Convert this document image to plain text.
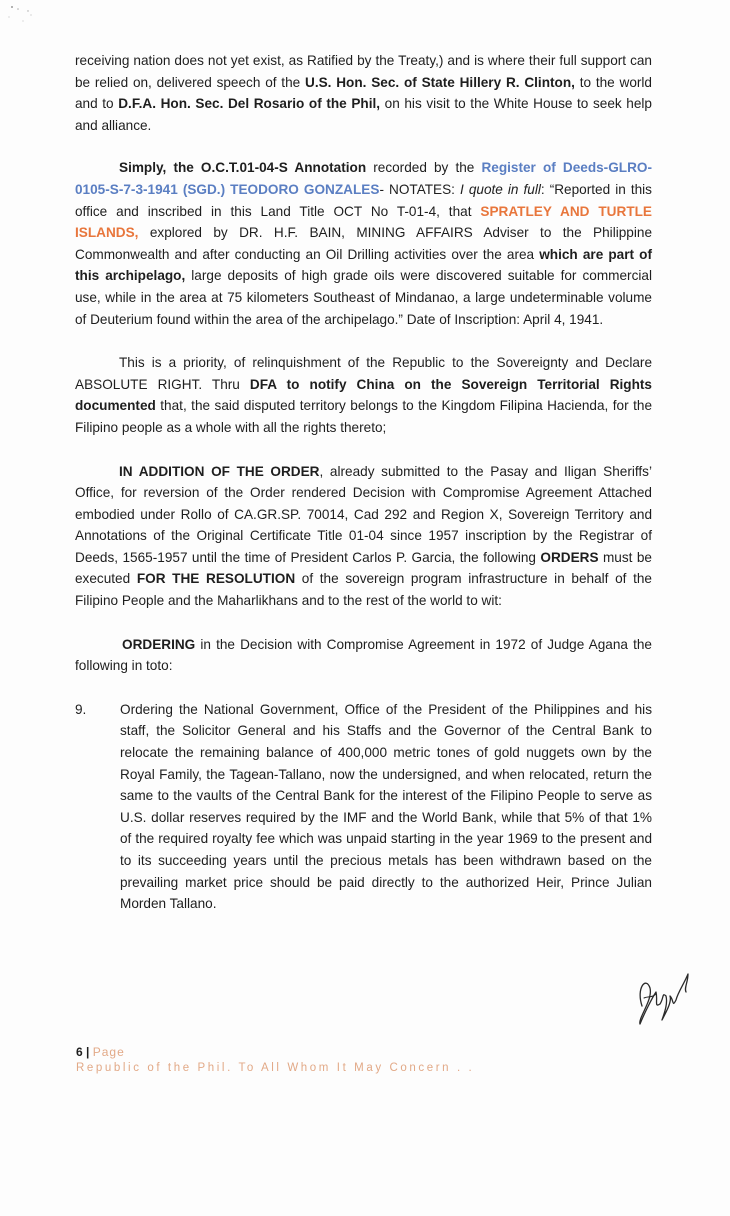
receiving nation does not yet exist, as Ratified by the Treaty,) and is where their full support can be relied on, delivered speech of the U.S. Hon. Sec. of State Hillery R. Clinton, to the world and to D.F.A. Hon. Sec. Del Rosario of the Phil, on his visit to the White House to seek help and alliance.

Simply, the O.C.T.01-04-S Annotation recorded by the Register of Deeds-GLRO-0105-S-7-3-1941 (SGD.) TEODORO GONZALES- NOTATES: I quote in full: “Reported in this office and inscribed in this Land Title OCT No T-01-4, that SPRATLEY AND TURTLE ISLANDS, explored by DR. H.F. BAIN, MINING AFFAIRS Adviser to the Philippine Commonwealth and after conducting an Oil Drilling activities over the area which are part of this archipelago, large deposits of high grade oils were discovered suitable for commercial use, while in the area at 75 kilometers Southeast of Mindanao, a large undeterminable volume of Deuterium found within the area of the archipelago.” Date of Inscription: April 4, 1941.

This is a priority, of relinquishment of the Republic to the Sovereignty and Declare ABSOLUTE RIGHT. Thru DFA to notify China on the Sovereign Territorial Rights documented that, the said disputed territory belongs to the Kingdom Filipina Hacienda, for the Filipino people as a whole with all the rights thereto;

IN ADDITION OF THE ORDER, already submitted to the Pasay and Iligan Sheriffs’ Office, for reversion of the Order rendered Decision with Compromise Agreement Attached embodied under Rollo of CA.GR.SP. 70014, Cad 292 and Region X, Sovereign Territory and Annotations of the Original Certificate Title 01-04 since 1957 inscription by the Registrar of Deeds, 1565-1957 until the time of President Carlos P. Garcia, the following ORDERS must be executed FOR THE RESOLUTION of the sovereign program infrastructure in behalf of the Filipino People and the Maharlikhans and to the rest of the world to wit:

ORDERING in the Decision with Compromise Agreement in 1972 of Judge Agana the following in toto:

9. Ordering the National Government, Office of the President of the Philippines and his staff, the Solicitor General and his Staffs and the Governor of the Central Bank to relocate the remaining balance of 400,000 metric tones of gold nuggets own by the Royal Family, the Tagean-Tallano, now the undersigned, and when relocated, return the same to the vaults of the Central Bank for the interest of the Filipino People to serve as U.S. dollar reserves required by the IMF and the World Bank, while that 5% of that 1% of the required royalty fee which was unpaid starting in the year 1969 to the present and to its succeeding years until the precious metals has been withdrawn based on the prevailing market price should be paid directly to the authorized Heir, Prince Julian Morden Tallano.

6 | Page
Republic of the Phil. To All Whom It May Concern . .
